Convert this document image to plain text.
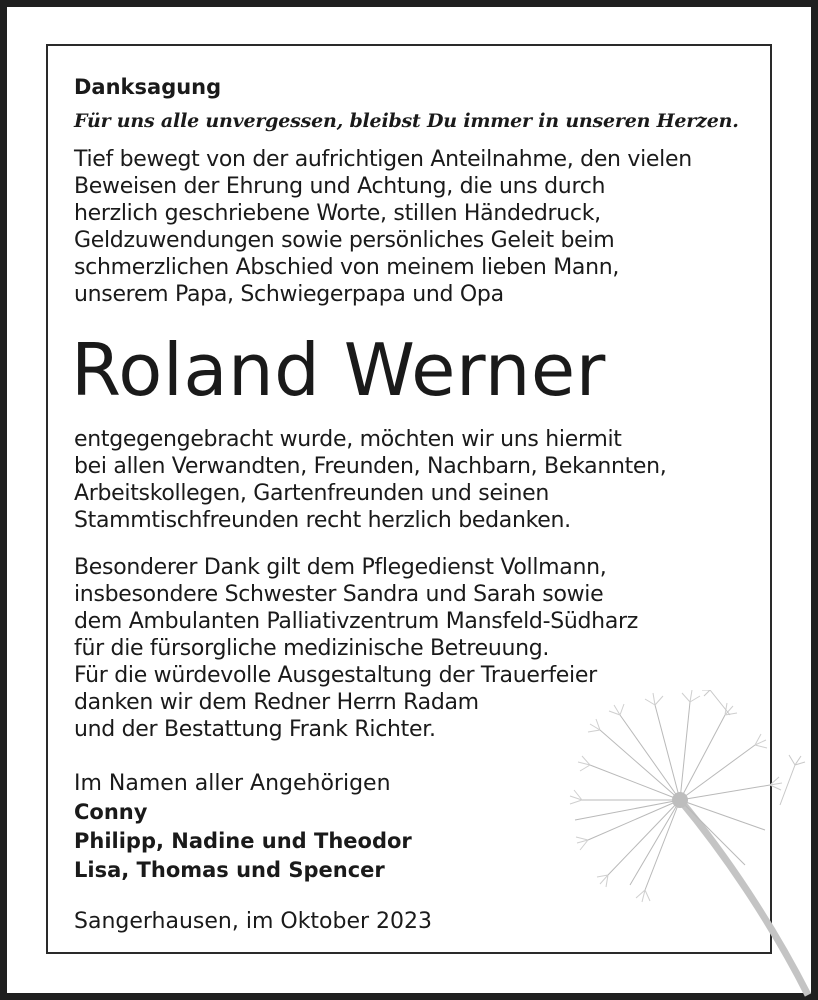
Danksagung

Für uns alle unvergessen, bleibst Du immer in unseren Herzen.

Tief bewegt von der aufrichtigen Anteilnahme, den vielen
Beweisen der Ehrung und Achtung, die uns durch
herzlich geschriebene Worte, stillen Händedruck,
Geldzuwendungen sowie persönliches Geleit beim
schmerzlichen Abschied von meinem lieben Mann,
unserem Papa, Schwiegerpapa und Opa

Roland Werner

entgegengebracht wurde, möchten wir uns hiermit
bei allen Verwandten, Freunden, Nachbarn, Bekannten,
Arbeitskollegen, Gartenfreunden und seinen
Stammtischfreunden recht herzlich bedanken.

Besonderer Dank gilt dem Pflegedienst Vollmann,
insbesondere Schwester Sandra und Sarah sowie
dem Ambulanten Palliativzentrum Mansfeld-Südharz
für die fürsorgliche medizinische Betreuung.
Für die würdevolle Ausgestaltung der Trauerfeier
danken wir dem Redner Herrn Radam
und der Bestattung Frank Richter.

Im Namen aller Angehörigen

Conny

Philipp, Nadine und Theodor

Lisa, Thomas und Spencer

Sangerhausen, im Oktober 2023
